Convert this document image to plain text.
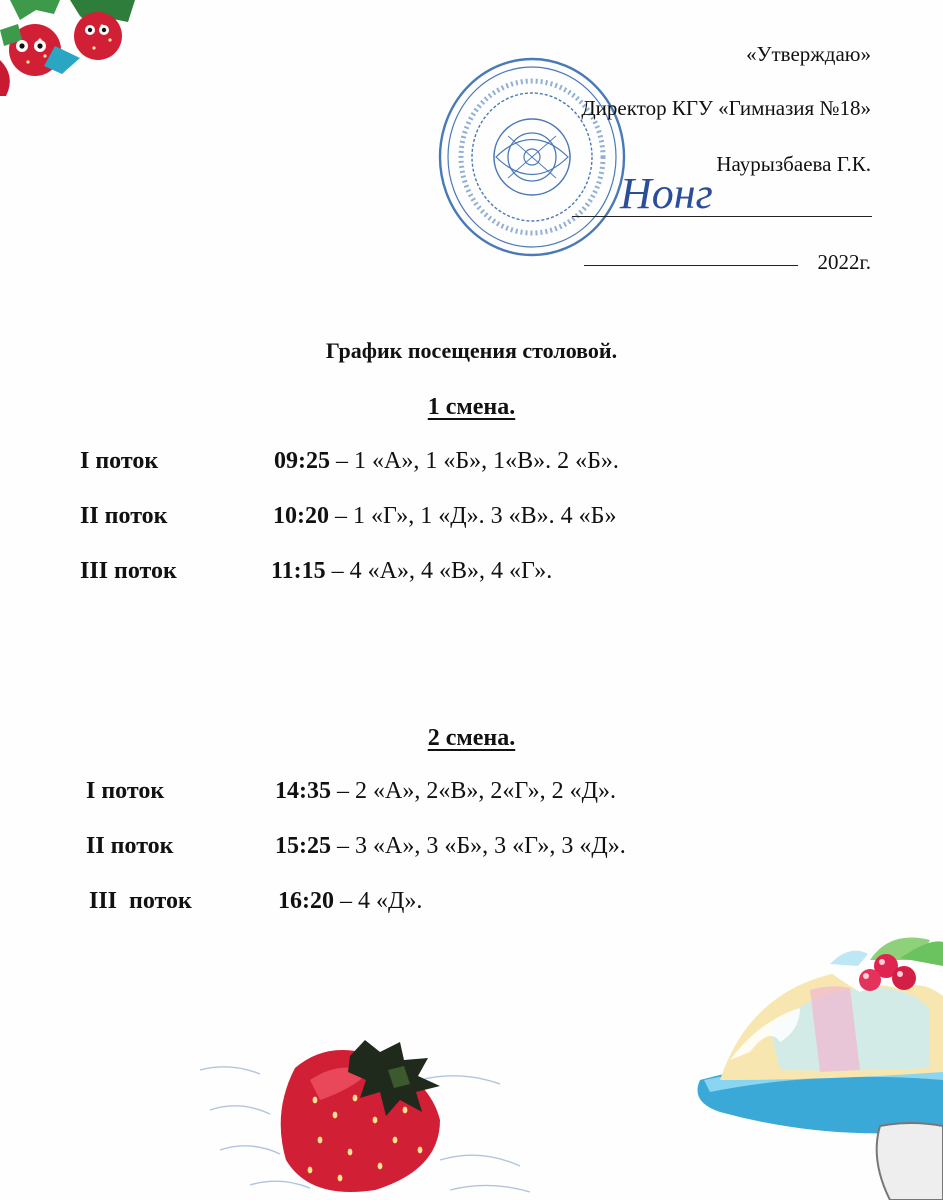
«Утверждаю»
Директор КГУ «Гимназия №18»
Наурызбаева Г.К.
2022г.
Нонг
График посещения столовой.
1 смена.
I поток	09:25 – 1 «А», 1 «Б», 1«В». 2 «Б».
II поток	10:20 – 1 «Г», 1 «Д». 3 «В». 4 «Б»
III поток	11:15 – 4 «А», 4 «В», 4 «Г».
2 смена.
I поток	14:35 – 2 «А», 2«В», 2«Г», 2 «Д».
II поток	15:25 – 3 «А», 3 «Б», 3 «Г», 3 «Д».
III  поток	16:20 – 4 «Д».
